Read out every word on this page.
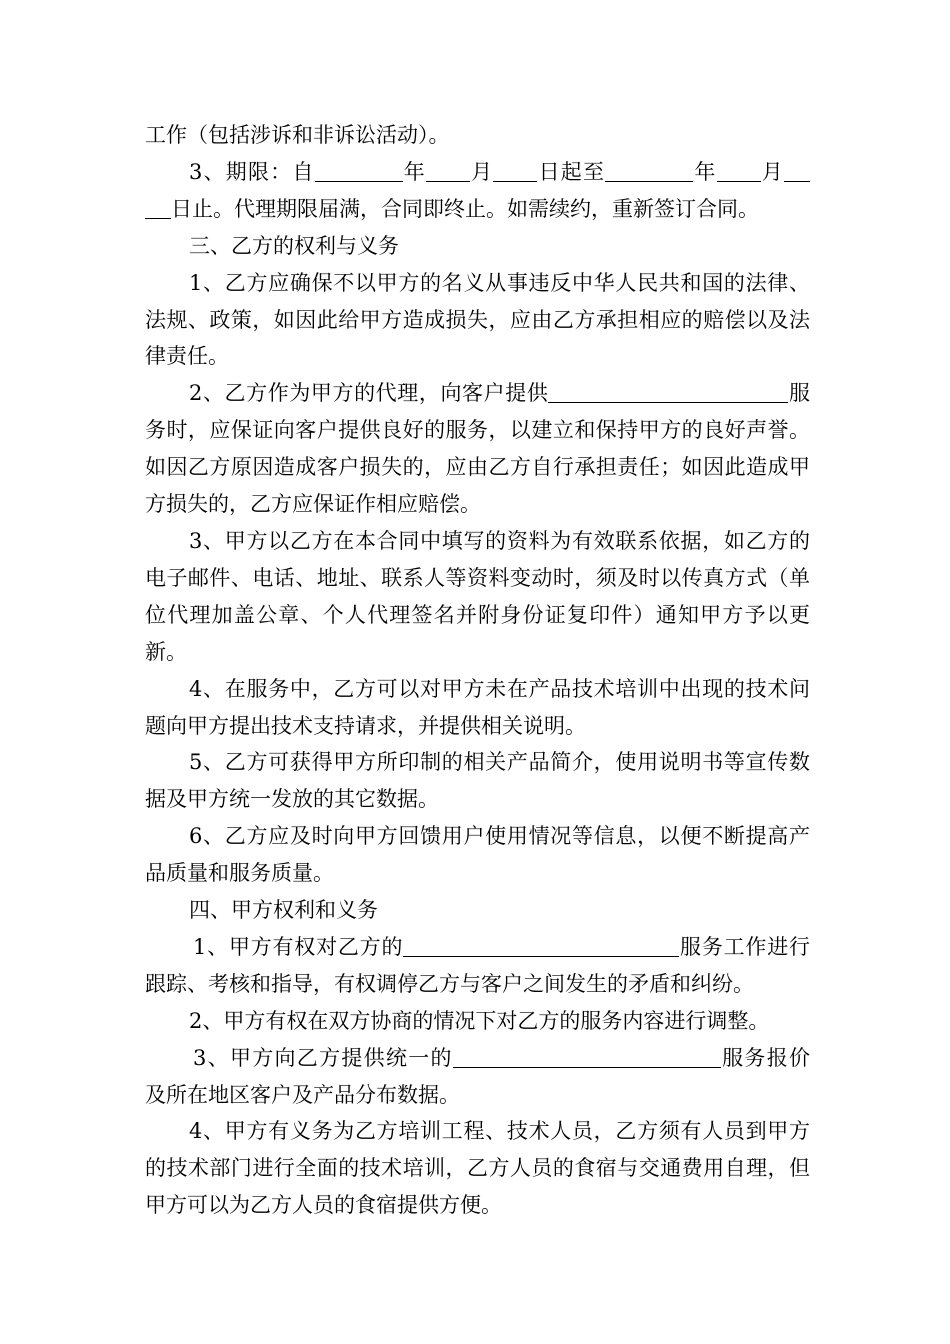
工作（包括涉诉和非诉讼活动）。

3、期限：自	年 月 日起至	年 月日止。代理期限届满，合同即终止。如需续约，重新签订合同。

三、乙方的权利与义务

1、乙方应确保不以甲方的名义从事违反中华人民共和国的法律、法规、政策，如因此给甲方造成损失，应由乙方承担相应的赔偿以及法律责任。

2、乙方作为甲方的代理，向客户提供	服务时，应保证向客户提供良好的服务，以建立和保持甲方的良好声誉。如因乙方原因造成客户损失的，应由乙方自行承担责任；如因此造成甲方损失的，乙方应保证作相应赔偿。

3、甲方以乙方在本合同中填写的资料为有效联系依据，如乙方的电子邮件、电话、地址、联系人等资料变动时，须及时以传真方式（单位代理加盖公章、个人代理签名并附身份证复印件）通知甲方予以更新。

4、在服务中，乙方可以对甲方未在产品技术培训中出现的技术问题向甲方提出技术支持请求，并提供相关说明。

5、乙方可获得甲方所印制的相关产品简介，使用说明书等宣传数据及甲方统一发放的其它数据。

6、乙方应及时向甲方回馈用户使用情况等信息，以便不断提高产品质量和服务质量。

四、甲方权利和义务

1、甲方有权对乙方的	服务工作进行跟踪、考核和指导，有权调停乙方与客户之间发生的矛盾和纠纷。

2、甲方有权在双方协商的情况下对乙方的服务内容进行调整。

3、甲方向乙方提供统一的	服务报价及所在地区客户及产品分布数据。

4、甲方有义务为乙方培训工程、技术人员，乙方须有人员到甲方的技术部门进行全面的技术培训，乙方人员的食宿与交通费用自理，但甲方可以为乙方人员的食宿提供方便。
